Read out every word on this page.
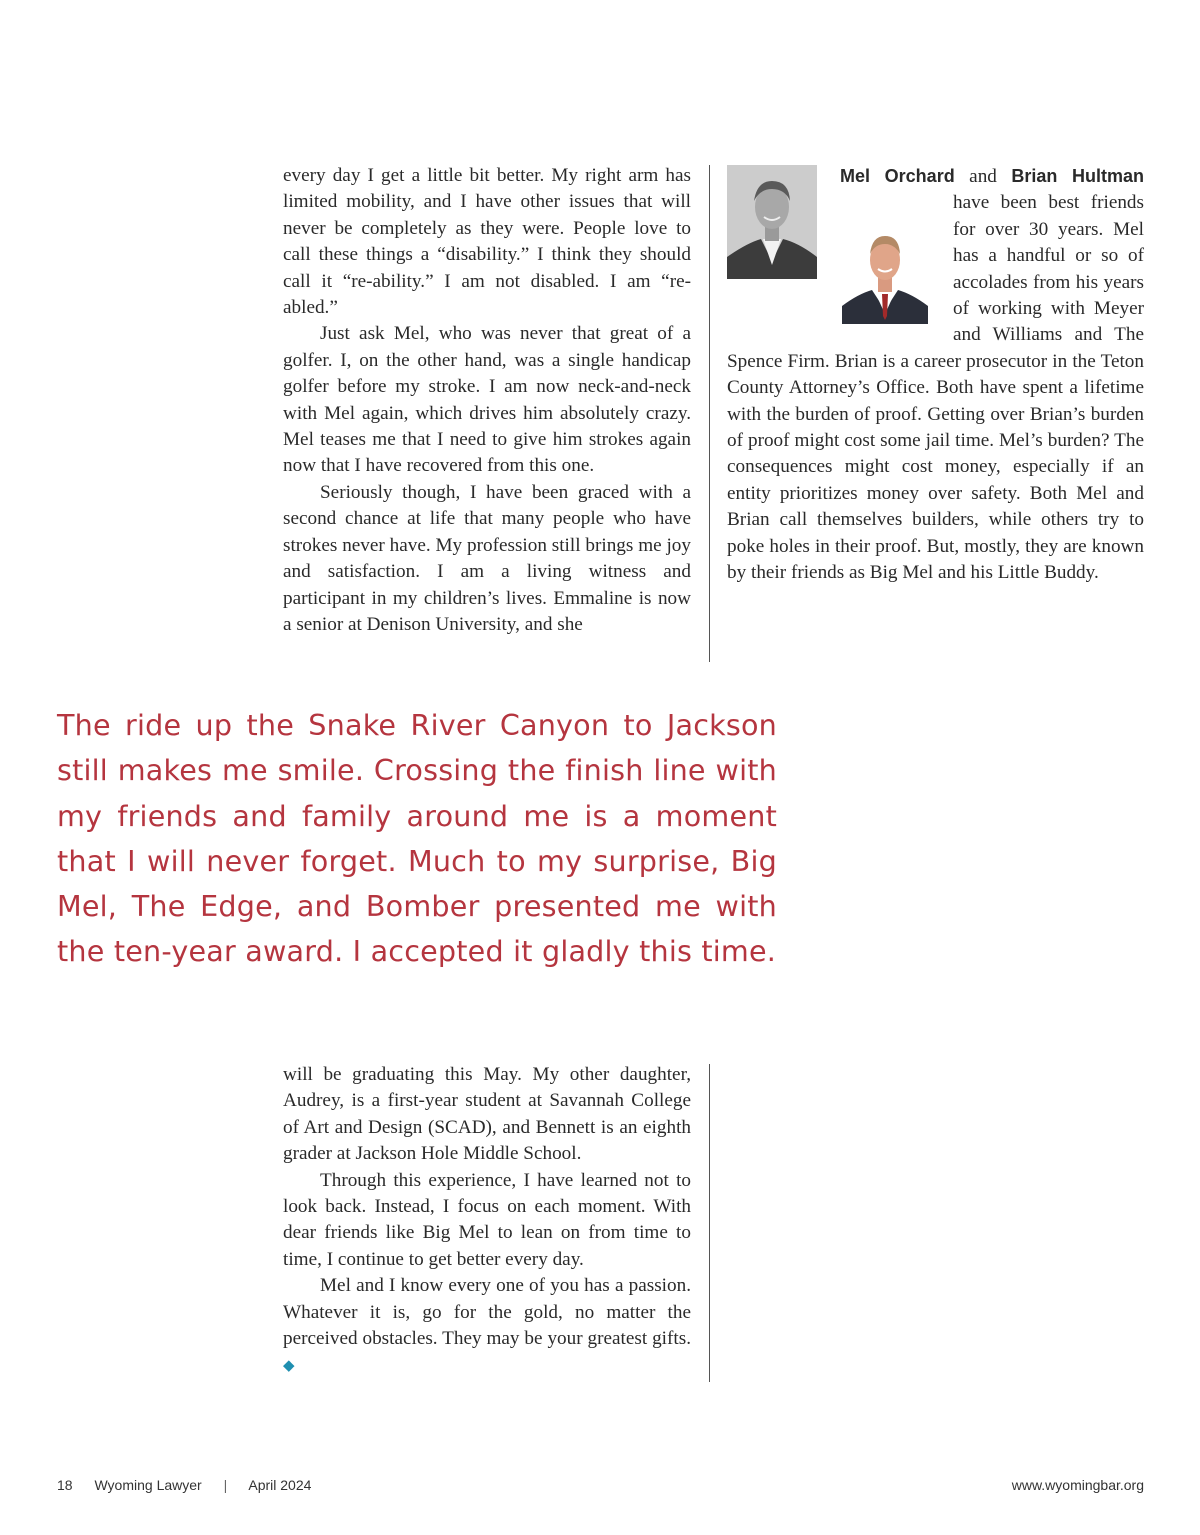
every day I get a little bit better. My right arm has limited mobility, and I have other issues that will never be completely as they were. People love to call these things a “disability.” I think they should call it “re-ability.” I am not disabled. I am “re-abled.”

Just ask Mel, who was never that great of a golfer. I, on the other hand, was a single handicap golfer before my stroke. I am now neck-and-neck with Mel again, which drives him absolutely crazy. Mel teases me that I need to give him strokes again now that I have recovered from this one.

Seriously though, I have been graced with a second chance at life that many people who have strokes never have. My profession still brings me joy and satisfaction. I am a living witness and participant in my children’s lives. Emmaline is now a senior at Denison University, and she

Mel Orchard and Brian Hultman
have been best friends for over 30 years. Mel has a handful or so of accolades from his years of working with Meyer and Williams and The Spence Firm. Brian is a career prosecutor in the Teton County Attorney’s Office. Both have spent a lifetime with the burden of proof. Getting over Brian’s burden of proof might cost some jail time. Mel’s burden? The consequences might cost money, especially if an entity prioritizes money over safety. Both Mel and Brian call themselves builders, while others try to poke holes in their proof. But, mostly, they are known by their friends as Big Mel and his Little Buddy.
The ride up the Snake River Canyon to Jackson still makes me smile. Crossing the finish line with my friends and family around me is a moment that I will never forget. Much to my surprise, Big Mel, The Edge, and Bomber presented me with the ten-year award. I accepted it gladly this time.

will be graduating this May. My other daughter, Audrey, is a first-year student at Savannah College of Art and Design (SCAD), and Bennett is an eighth grader at Jackson Hole Middle School.

Through this experience, I have learned not to look back. Instead, I focus on each moment. With dear friends like Big Mel to lean on from time to time, I continue to get better every day.

Mel and I know every one of you has a passion. Whatever it is, go for the gold, no matter the perceived obstacles. They may be your greatest gifts. ◆

18 Wyoming Lawyer | April 2024	www.wyomingbar.org
